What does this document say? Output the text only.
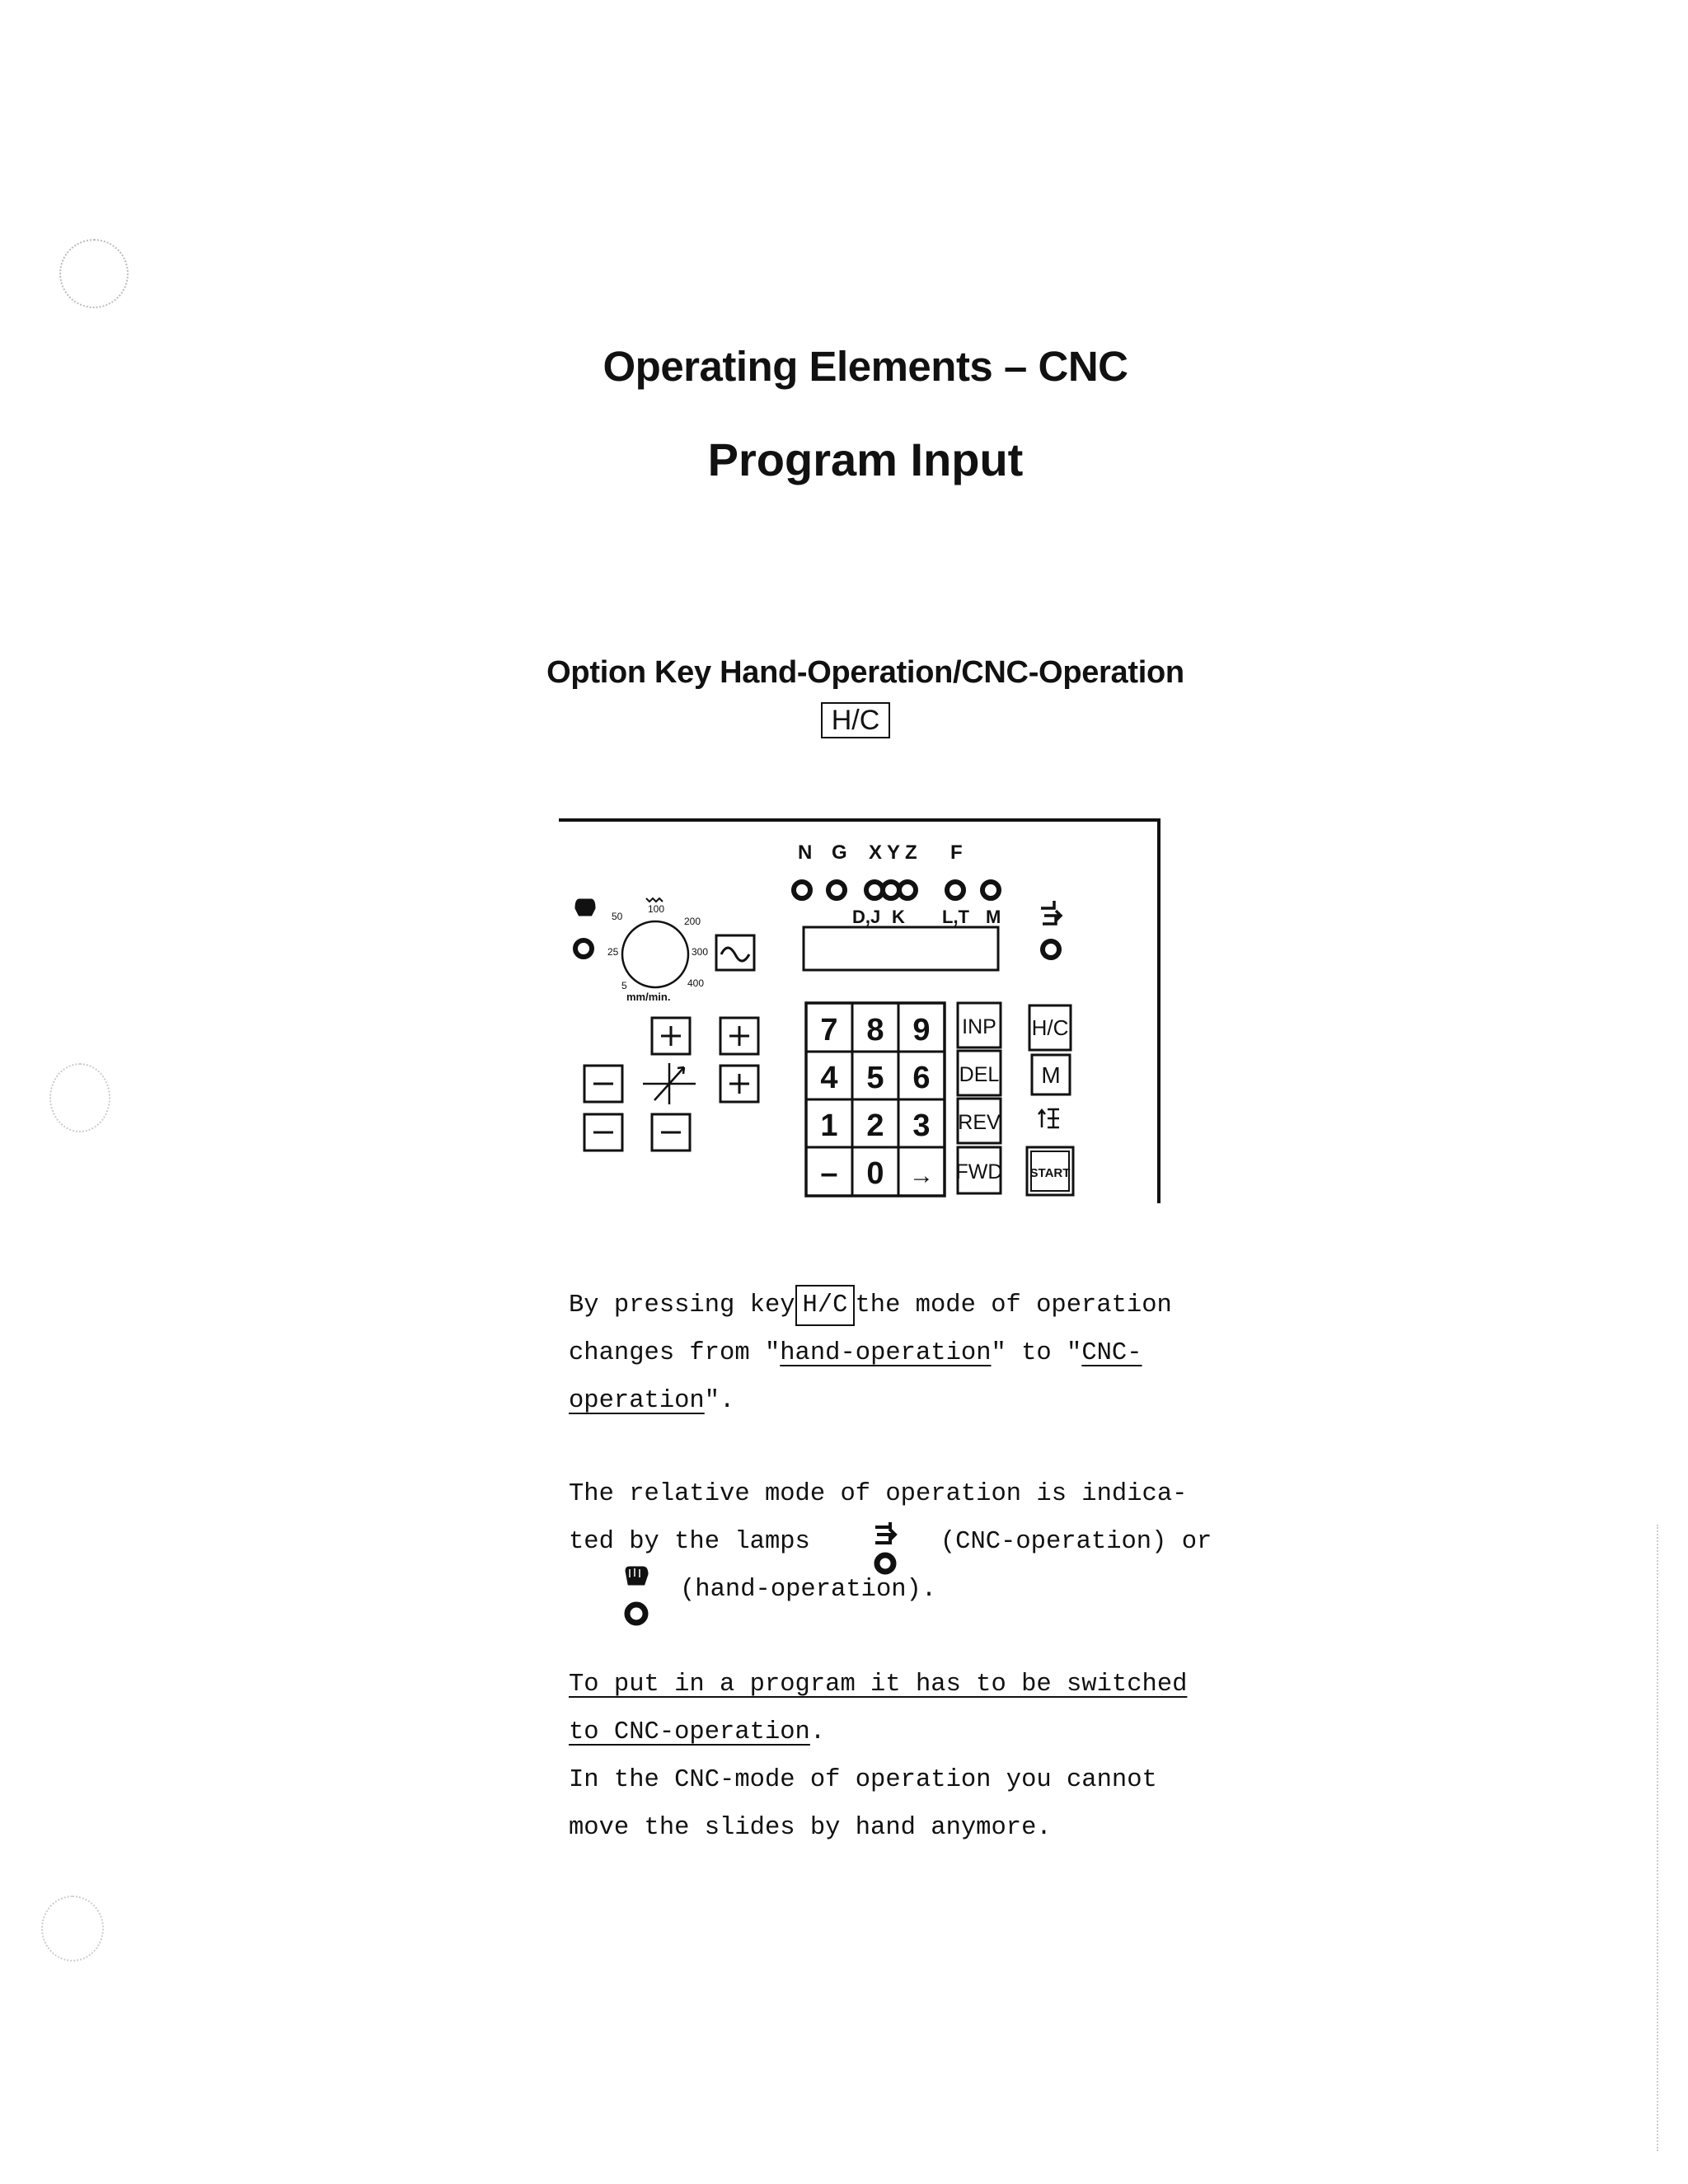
Operating Elements – CNC
Program Input
Option Key Hand-Operation/CNC-Operation
H/C
N G X Y Z F
D,J K L,T M
5
25
50
100
200
300
400
mm/min.
7 8 9
4 5 6
1 2 3
– 0 →
INP
DEL
REV
FWD
H/C
M
START
By pressing key H/C the mode of operation
changes from "hand-operation" to "CNC-
operation".
The relative mode of operation is indica-
ted by the lamps	(CNC-operation) or
(hand-operation).
To put in a program it has to be switched
to CNC-operation.
In the CNC-mode of operation you cannot
move the slides by hand anymore.
